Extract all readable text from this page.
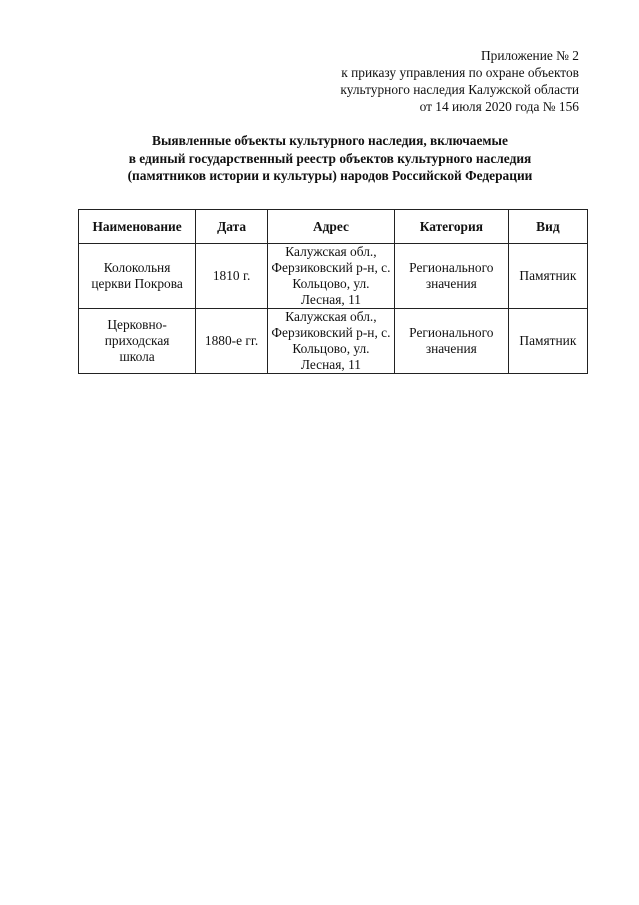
Приложение № 2
к приказу управления по охране объектов
культурного наследия Калужской области
от 14 июля 2020 года № 156
Выявленные объекты культурного наследия, включаемые
в единый государственный реестр объектов культурного наследия
(памятников истории и культуры) народов Российской Федерации
Наименование	Дата	Адрес	Категория	Вид

Колокольня
церкви Покрова	1810 г.	Калужская обл.,
Ферзиковский р-н, с.
Кольцово, ул.
Лесная, 11	Регионального
значения	Памятник

Церковно-
приходская
школа	1880-е гг.	Калужская обл.,
Ферзиковский р-н, с.
Кольцово, ул.
Лесная, 11	Регионального
значения	Памятник
